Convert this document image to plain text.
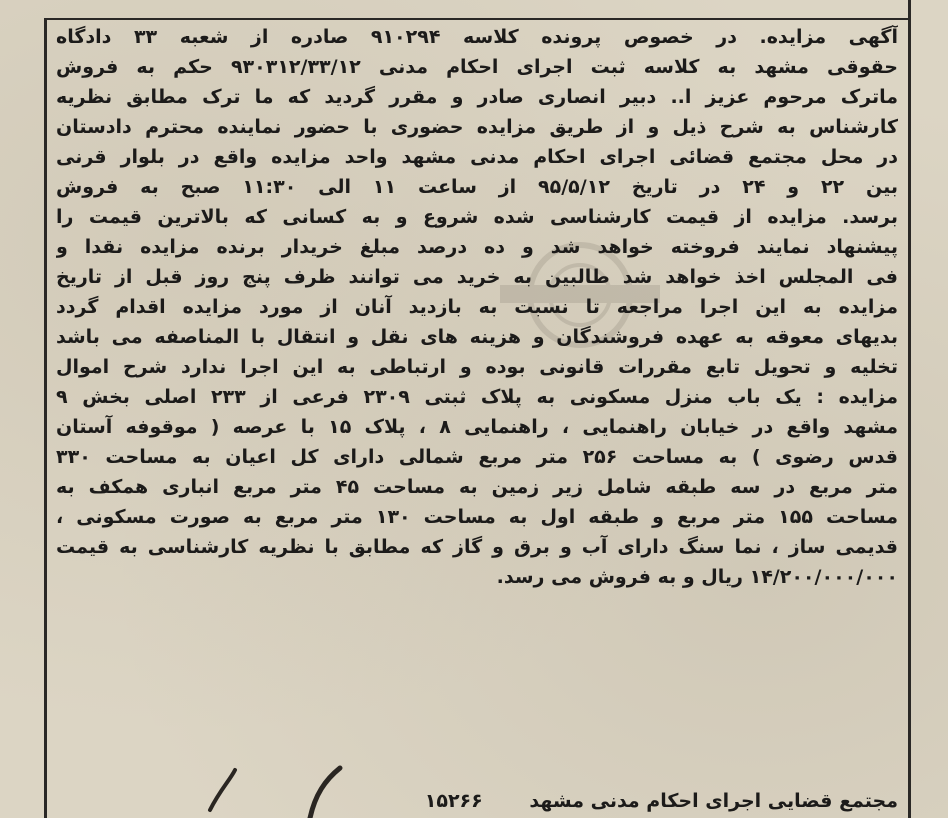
آگهی مزایده. در خصوص پرونده کلاسه ۹۱۰۲۹۴ صادره از شعبه ۳۳ دادگاه
حقوقی مشهد به کلاسه ثبت اجرای احکام مدنی ۹۳۰۳۱۲/۳۳/۱۲ حکم به فروش
ماترک مرحوم عزیز ا.. دبیر انصاری صادر و مقرر گردید که ما ترک مطابق نظریه
کارشناس به شرح ذیل و از طریق مزایده حضوری با حضور نماینده محترم دادستان
در محل مجتمع قضائی اجرای احکام مدنی مشهد واحد مزایده واقع در بلوار قرنی
بین ۲۲ و ۲۴ در تاریخ ۹۵/۵/۱۲ از ساعت ۱۱ الی ۱۱:۳۰ صبح به فروش
برسد. مزایده از قیمت کارشناسی شده شروع و به کسانی که بالاترین قیمت را
پیشنهاد نمایند فروخته خواهد شد و ده درصد مبلغ خریدار برنده مزایده نقدا و
فی المجلس اخذ خواهد شد طالبین به خرید می توانند ظرف پنج روز قبل از تاریخ
مزایده به این اجرا مراجعه تا نسبت به بازدید آنان از مورد مزایده اقدام گردد
بدیهای معوقه به عهده فروشندگان و هزینه های نقل و انتقال با المناصفه می باشد
تخلیه و تحویل تابع مقررات قانونی بوده و ارتباطی به این اجرا ندارد شرح اموال
مزایده : یک باب منزل مسکونی به پلاک ثبتی ۲۳۰۹ فرعی از ۲۳۳ اصلی بخش ۹
مشهد واقع در خیابان راهنمایی ، راهنمایی ۸ ، پلاک ۱۵ با عرصه ( موقوفه آستان
قدس رضوی ) به مساحت ۲۵۶ متر مربع شمالی دارای کل اعیان به مساحت ۳۳۰
متر مربع در سه طبقه شامل زیر زمین به مساحت ۴۵ متر مربع انباری همکف به
مساحت ۱۵۵ متر مربع و طبقه اول به مساحت ۱۳۰ متر مربع به صورت مسکونی ،
قدیمی ساز ، نما سنگ دارای آب و برق و گاز که مطابق با نظریه کارشناسی به قیمت
۱۴/۲۰۰/۰۰۰/۰۰۰ ریال و به فروش می رسد.
مجتمع قضایی اجرای احکام مدنی مشهد ۱۵۲۶۶
